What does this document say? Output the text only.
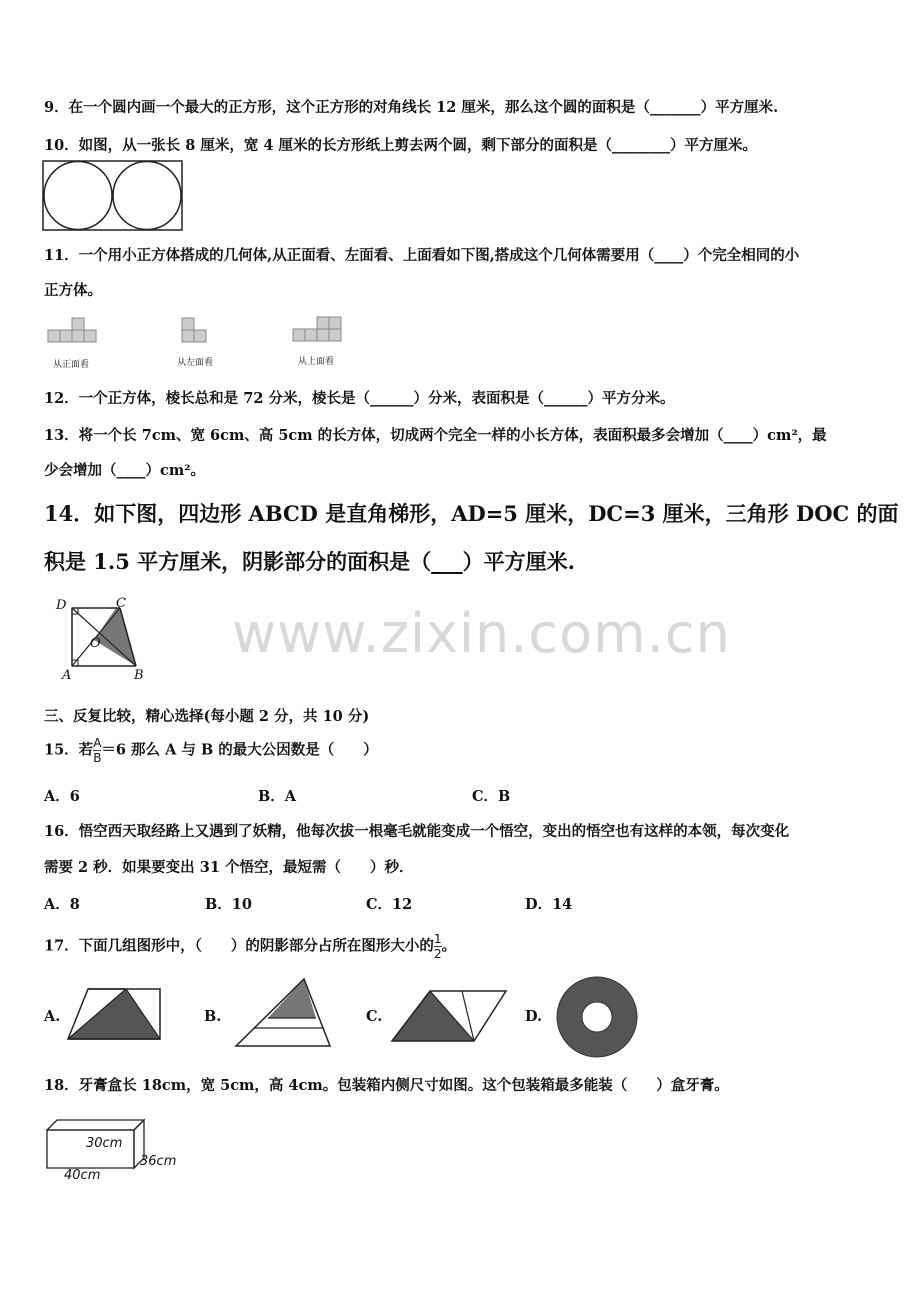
9．在一个圆内画一个最大的正方形，这个正方形的对角线长 12 厘米，那么这个圆的面积是（_______）平方厘米.
10．如图，从一张长 8 厘米，宽 4 厘米的长方形纸上剪去两个圆，剩下部分的面积是（________）平方厘米。
11．一个用小正方体搭成的几何体,从正面看、左面看、上面看如下图,搭成这个几何体需要用（____）个完全相同的小
正方体。
从正面看	从左面看	从上面看
12．一个正方体，棱长总和是 72 分米，棱长是（______）分米，表面积是（______）平方分米。
13．将一个长 7cm、宽 6cm、高 5cm 的长方体，切成两个完全一样的小长方体，表面积最多会增加（____）cm²，最
少会增加（____）cm²。
14．如下图，四边形 ABCD 是直角梯形，AD=5 厘米，DC=3 厘米，三角形 DOC 的面
积是 1.5 平方厘米，阴影部分的面积是（___）平方厘米.
D	C
O
A	B
www.zixin.com.cn
三、反复比较，精心选择(每小题 2 分，共 10 分)
15．若 $\frac{A}{B} =6$ 那么 A 与 B 的最大公因数是（　　）
A．6	B．A	C．B
16．悟空西天取经路上又遇到了妖精，他每次拔一根毫毛就能变成一个悟空，变出的悟空也有这样的本领，每次变化
需要 2 秒．如果要变出 31 个悟空，最短需（　　）秒．
A．8	B．10	C．12	D．14
17．下面几组图形中，（　　）的阴影部分占所在图形大小的 $\frac{1}{2}$ 。
A.	B.	C.	D.
18．牙膏盒长 18cm，宽 5cm，高 4cm。包装箱内侧尺寸如图。这个包装箱最多能装（　　）盒牙膏。
30cm
36cm
40cm
